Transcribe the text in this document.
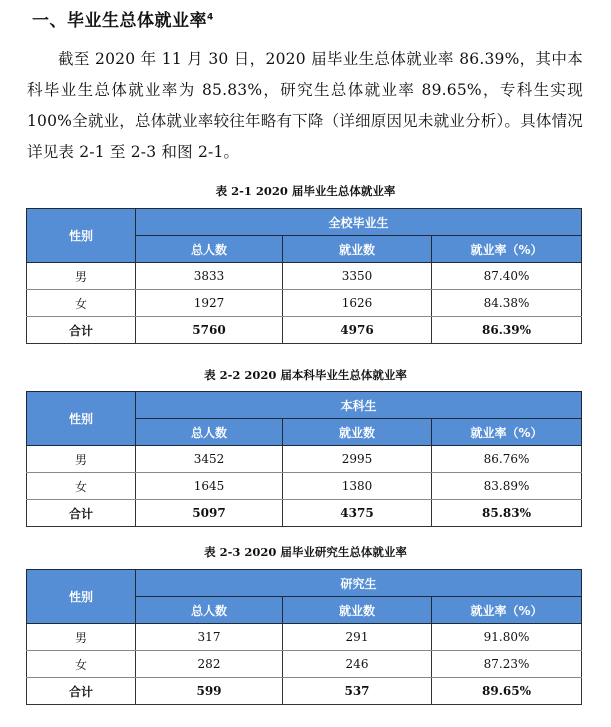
一、毕业生总体就业率$^4$
截至 2020 年 11 月 30 日，2020 届毕业生总体就业率 86.39%，其中本科毕业生总体就业率为 85.83%，研究生总体就业率 89.65%，专科生实现 100%全就业，总体就业率较往年略有下降（详细原因见未就业分析）。具体情况详见表 2-1 至 2-3 和图 2-1。
表 2-1 2020 届毕业生总体就业率
性别	全校毕业生		
	总人数	就业数	就业率（%）
男	3833	3350	87.40%
女	1927	1626	84.38%
合计	5760	4976	86.39%
表 2-2 2020 届本科毕业生总体就业率
性别	本科生		
	总人数	就业数	就业率（%）
男	3452	2995	86.76%
女	1645	1380	83.89%
合计	5097	4375	85.83%
表 2-3 2020 届毕业研究生总体就业率
性别	研究生		
	总人数	就业数	就业率（%）
男	317	291	91.80%
女	282	246	87.23%
合计	599	537	89.65%
